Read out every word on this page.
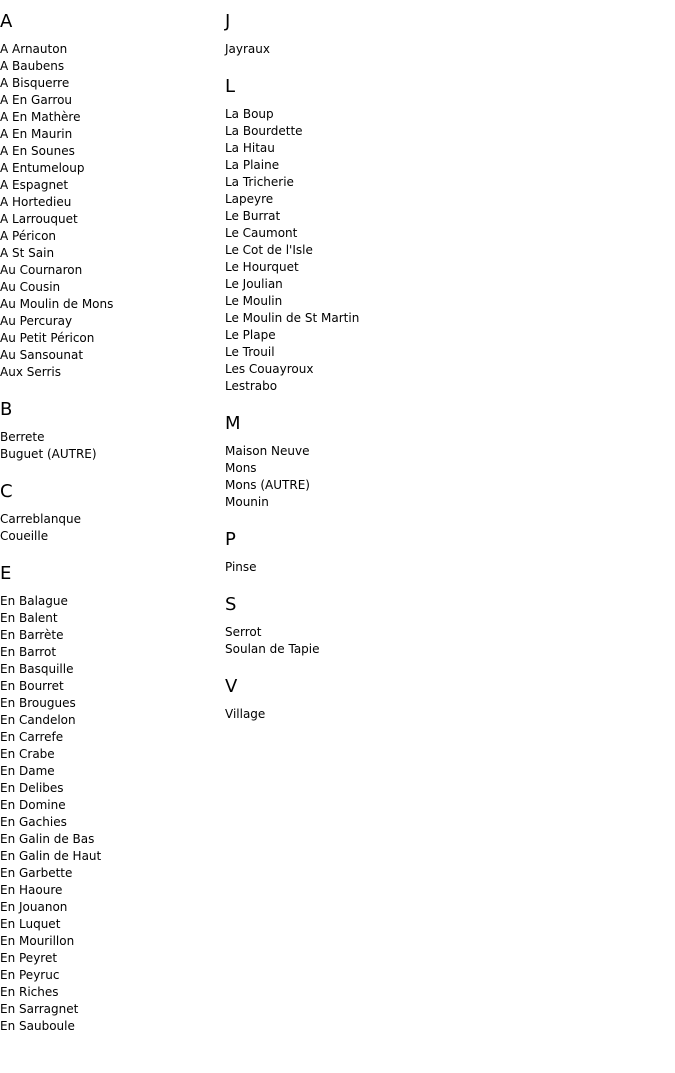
A
A Arnauton
A Baubens
A Bisquerre
A En Garrou
A En Mathère
A En Maurin
A En Sounes
A Entumeloup
A Espagnet
A Hortedieu
A Larrouquet
A Péricon
A St Sain
Au Cournaron
Au Cousin
Au Moulin de Mons
Au Percuray
Au Petit Péricon
Au Sansounat
Aux Serris
B
Berrete
Buguet (AUTRE)
C
Carreblanque
Coueille
E
En Balague
En Balent
En Barrète
En Barrot
En Basquille
En Bourret
En Brougues
En Candelon
En Carrefe
En Crabe
En Dame
En Delibes
En Domine
En Gachies
En Galin de Bas
En Galin de Haut
En Garbette
En Haoure
En Jouanon
En Luquet
En Mourillon
En Peyret
En Peyruc
En Riches
En Sarragnet
En Sauboule
J
Jayraux
L
La Boup
La Bourdette
La Hitau
La Plaine
La Tricherie
Lapeyre
Le Burrat
Le Caumont
Le Cot de l'Isle
Le Hourquet
Le Joulian
Le Moulin
Le Moulin de St Martin
Le Plape
Le Trouil
Les Couayroux
Lestrabo
M
Maison Neuve
Mons
Mons (AUTRE)
Mounin
P
Pinse
S
Serrot
Soulan de Tapie
V
Village
